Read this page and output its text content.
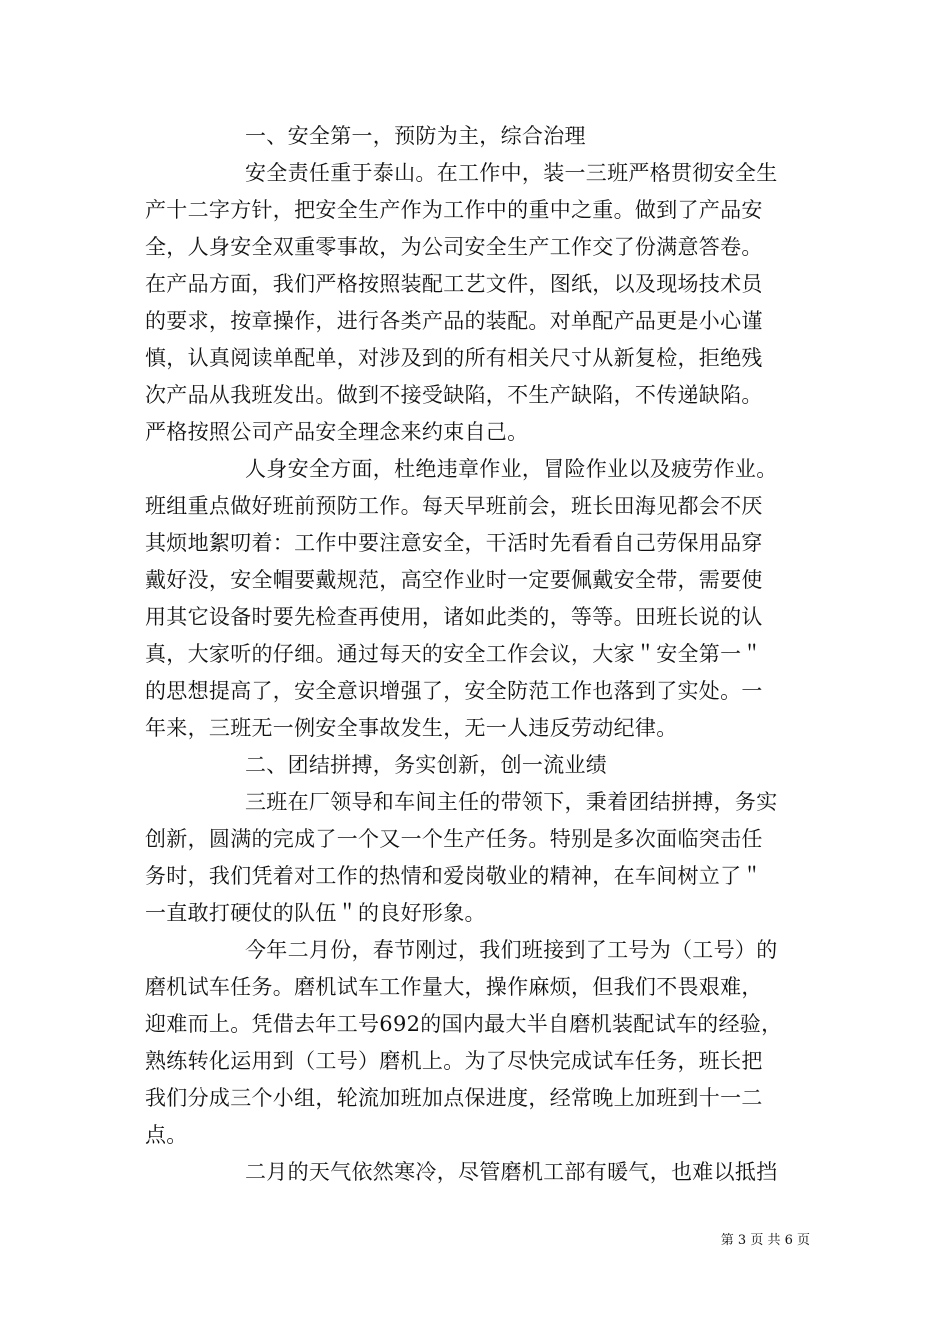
一、安全第一，预防为主，综合治理
安全责任重于泰山。在工作中，装一三班严格贯彻安全生
产十二字方针，把安全生产作为工作中的重中之重。做到了产品安
全，人身安全双重零事故，为公司安全生产工作交了份满意答卷。
在产品方面，我们严格按照装配工艺文件，图纸，以及现场技术员
的要求，按章操作，进行各类产品的装配。对单配产品更是小心谨
慎，认真阅读单配单，对涉及到的所有相关尺寸从新复检，拒绝残
次产品从我班发出。做到不接受缺陷，不生产缺陷，不传递缺陷。
严格按照公司产品安全理念来约束自己。
人身安全方面，杜绝违章作业，冒险作业以及疲劳作业。
班组重点做好班前预防工作。每天早班前会，班长田海见都会不厌
其烦地絮叨着：工作中要注意安全，干活时先看看自己劳保用品穿
戴好没，安全帽要戴规范，高空作业时一定要佩戴安全带，需要使
用其它设备时要先检查再使用，诸如此类的，等等。田班长说的认
真，大家听的仔细。通过每天的安全工作会议，大家＂安全第一＂
的思想提高了，安全意识增强了，安全防范工作也落到了实处。一
年来，三班无一例安全事故发生，无一人违反劳动纪律。
二、团结拼搏，务实创新，创一流业绩
三班在厂领导和车间主任的带领下，秉着团结拼搏，务实
创新，圆满的完成了一个又一个生产任务。特别是多次面临突击任
务时，我们凭着对工作的热情和爱岗敬业的精神，在车间树立了＂
一直敢打硬仗的队伍＂的良好形象。
今年二月份，春节刚过，我们班接到了工号为（工号）的
磨机试车任务。磨机试车工作量大，操作麻烦，但我们不畏艰难，
迎难而上。凭借去年工号692的国内最大半自磨机装配试车的经验，
熟练转化运用到（工号）磨机上。为了尽快完成试车任务，班长把
我们分成三个小组，轮流加班加点保进度，经常晚上加班到十一二
点。
二月的天气依然寒冷，尽管磨机工部有暖气，也难以抵挡
第 3 页 共 6 页
